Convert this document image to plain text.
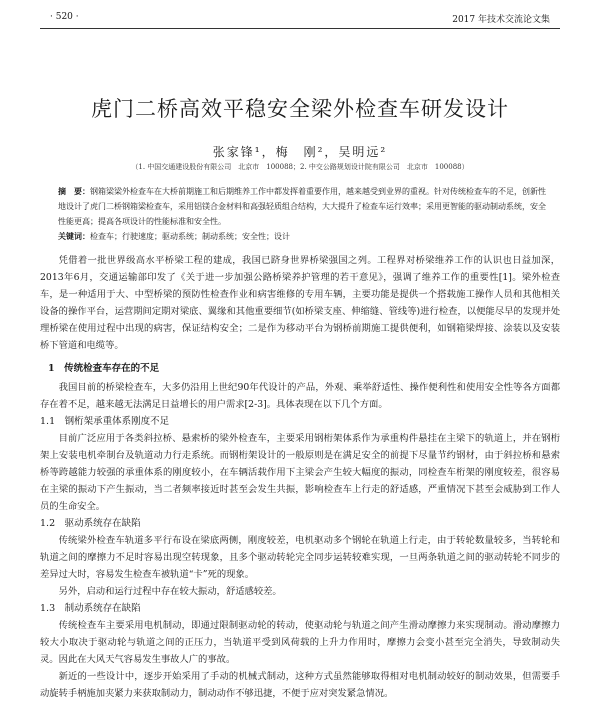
· 520 ·	2017 年技术交流论文集
虎门二桥高效平稳安全梁外检查车研发设计
张家锋¹，梅　刚²，吴明远²
（1. 中国交通建设股份有限公司　北京市　100088；2. 中交公路规划设计院有限公司　北京市　100088）
摘　要：钢箱梁梁外检查车在大桥前期施工和后期维养工作中都发挥着重要作用，越来越受到业界的重视。针对传统检查车的不足，创新性地设计了虎门二桥钢箱梁检查车，采用铝镁合金材料和高强轻质组合结构，大大提升了检查车运行效率；采用更智能的驱动制动系统，安全性能更高；提高各项设计的性能标准和安全性。
关键词：检查车；行驶速度；驱动系统；制动系统；安全性；设计

凭借着一批世界级高水平桥梁工程的建成，我国已跻身世界桥梁强国之列。工程界对桥梁维养工作的认识也日益加深，2013年6月，交通运输部印发了《关于进一步加强公路桥梁养护管理的若干意见》，强调了维养工作的重要性[1]。梁外检查车，是一种适用于大、中型桥梁的预防性检查作业和病害维修的专用车辆，主要功能是提供一个搭载施工操作人员和其他相关设备的操作平台，运营期间定期对梁底、翼缘和其他重要细节(如桥梁支座、伸缩缝、管线等)进行检查，以便能尽早的发现并处理桥梁在使用过程中出现的病害，保证结构安全；二是作为移动平台为钢桥前期施工提供便利，如钢箱梁焊接、涂装以及安装桥下管道和电缆等。

1　传统检查车存在的不足

我国目前的桥梁检查车，大多仍沿用上世纪90年代设计的产品，外观、乘举舒适性、操作便利性和使用安全性等各方面都存在着不足，越来越无法满足日益增长的用户需求[2-3]。具体表现在以下几个方面。

1.1　钢桁架承重体系刚度不足

目前广泛应用于各类斜拉桥、悬索桥的梁外检查车，主要采用钢桁架体系作为承重构件悬挂在主梁下的轨道上，并在钢桁架上安装电机牵制台及轨道动力行走系统。而钢桁架设计的一般原则是在满足安全的前提下尽量节约钢材，由于斜拉桥和悬索桥等跨越能力较强的承重体系的刚度较小，在车辆活载作用下主梁会产生较大幅度的振动，同检查车桁架的刚度较差，很容易在主梁的振动下产生振动，当二者频率接近时甚至会发生共振，影响检查车上行走的舒适感，严重情况下甚至会威胁到工作人员的生命安全。

1.2　驱动系统存在缺陷

传统梁外检查车轨道多平行布设在梁底两侧，刚度较差，电机驱动多个钢轮在轨道上行走，由于转轮数量较多，当转轮和轨道之间的摩擦力不足时容易出现空转现象，且多个驱动转轮完全同步运转较难实现，一旦两条轨道之间的驱动转轮不同步的差异过大时，容易发生检查车被轨道“卡”死的现象。

另外，启动和运行过程中存在较大振动，舒适感较差。

1.3　制动系统存在缺陷

传统检查车主要采用电机制动，即通过限制驱动轮的转动，使驱动轮与轨道之间产生滑动摩擦力来实现制动。滑动摩擦力较大小取决于驱动轮与轨道之间的正压力，当轨道平受到风荷载的上升力作用时，摩擦力会变小甚至完全消失，导致制动失灵。因此在大风天气容易发生事故人广的事故。

新近的一些设计中，逐步开始采用了手动的机械式制动，这种方式虽然能够取得相对电机制动较好的制动效果，但需要手动旋转手柄施加夹紧力来获取制动力，制动动作不够迅捷，不便于应对突发紧急情况。
